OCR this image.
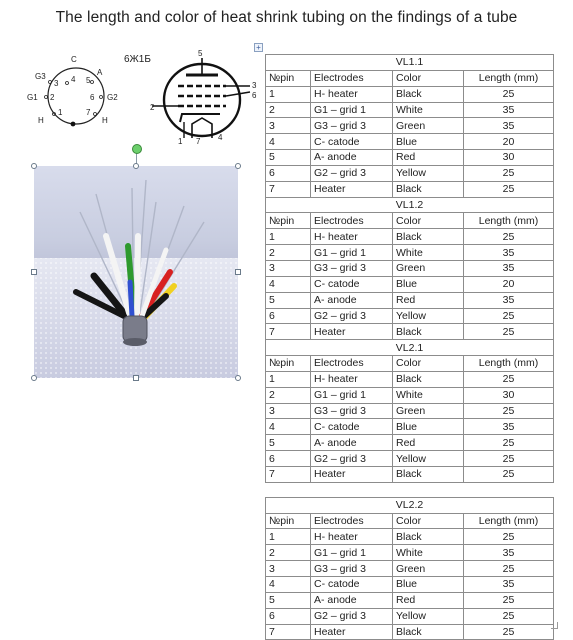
The length and color of heat shrink tubing on the findings of a tube
C
A
G3
G1	G2
H	H
4 5
3
2	6
1	7
6Ж1Б
5
3
6
2
1 7 4
+
VL1.1			
№pin	Electrodes	Color	Length (mm)
1	H- heater	Black	25
2	G1 – grid 1	White	35
3	G3 – grid 3	Green	35
4	C- catode	Blue	20
5	A- anode	Red	30
6	G2 – grid 3	Yellow	25
7	Heater	Black	25
VL1.2			
№pin	Electrodes	Color	Length (mm)
1	H- heater	Black	25
2	G1 – grid 1	White	35
3	G3 – grid 3	Green	35
4	C- catode	Blue	20
5	A- anode	Red	35
6	G2 – grid 3	Yellow	25
7	Heater	Black	25
VL2.1			
№pin	Electrodes	Color	Length (mm)
1	H- heater	Black	25
2	G1 – grid 1	White	30
3	G3 – grid 3	Green	25
4	C- catode	Blue	35
5	A- anode	Red	25
6	G2 – grid 3	Yellow	25
7	Heater	Black	25

VL2.2			
№pin	Electrodes	Color	Length (mm)
1	H- heater	Black	25
2	G1 – grid 1	White	35
3	G3 – grid 3	Green	25
4	C- catode	Blue	35
5	A- anode	Red	25
6	G2 – grid 3	Yellow	25
7	Heater	Black	25
